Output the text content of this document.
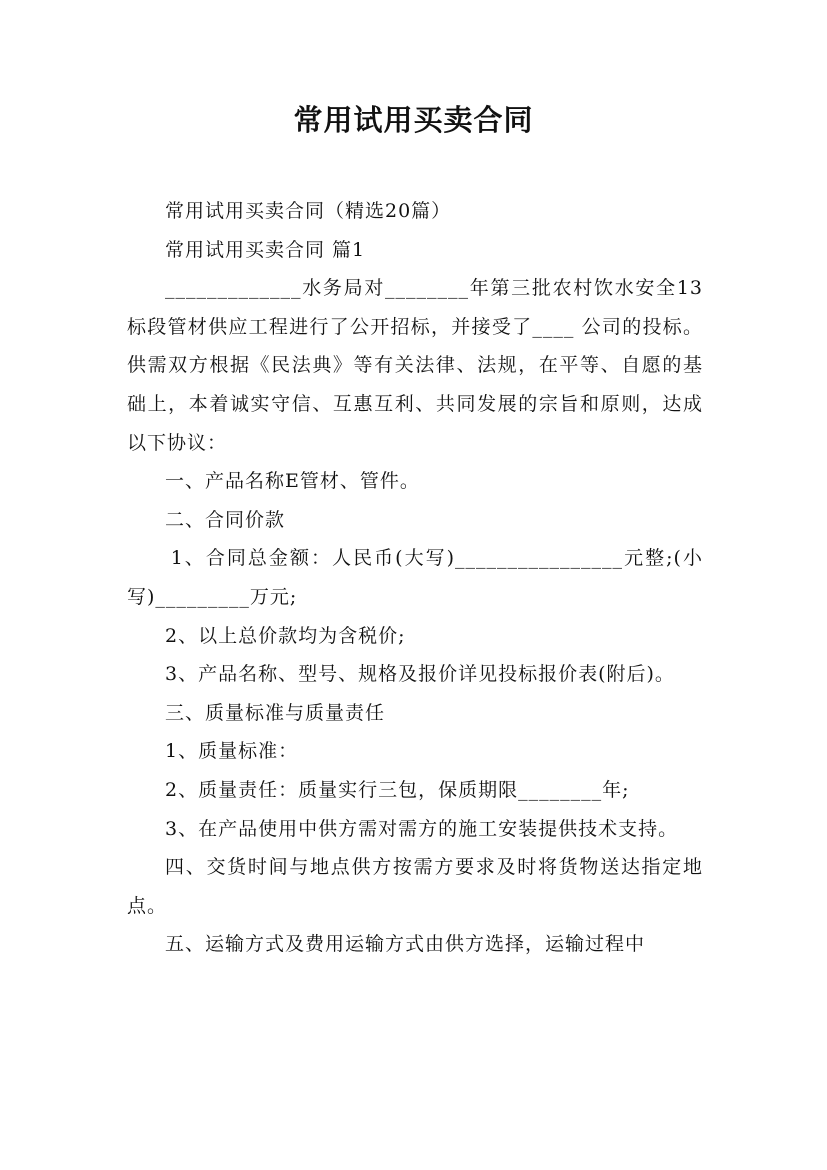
常用试用买卖合同

常用试用买卖合同（精选20篇）

常用试用买卖合同 篇1

_____________水务局对________年第三批农村饮水安全13标段管材供应工程进行了公开招标，并接受了____ 公司的投标。供需双方根据《民法典》等有关法律、法规，在平等、自愿的基础上，本着诚实守信、互惠互利、共同发展的宗旨和原则，达成以下协议：

一、产品名称E管材、管件。

二、合同价款

1、合同总金额：人民币(大写)________________元整;(小写)_________万元;

2、以上总价款均为含税价;

3、产品名称、型号、规格及报价详见投标报价表(附后)。

三、质量标准与质量责任

1、质量标准：

2、质量责任：质量实行三包，保质期限________年;

3、在产品使用中供方需对需方的施工安装提供技术支持。

四、交货时间与地点供方按需方要求及时将货物送达指定地点。

五、运输方式及费用运输方式由供方选择，运输过程中
